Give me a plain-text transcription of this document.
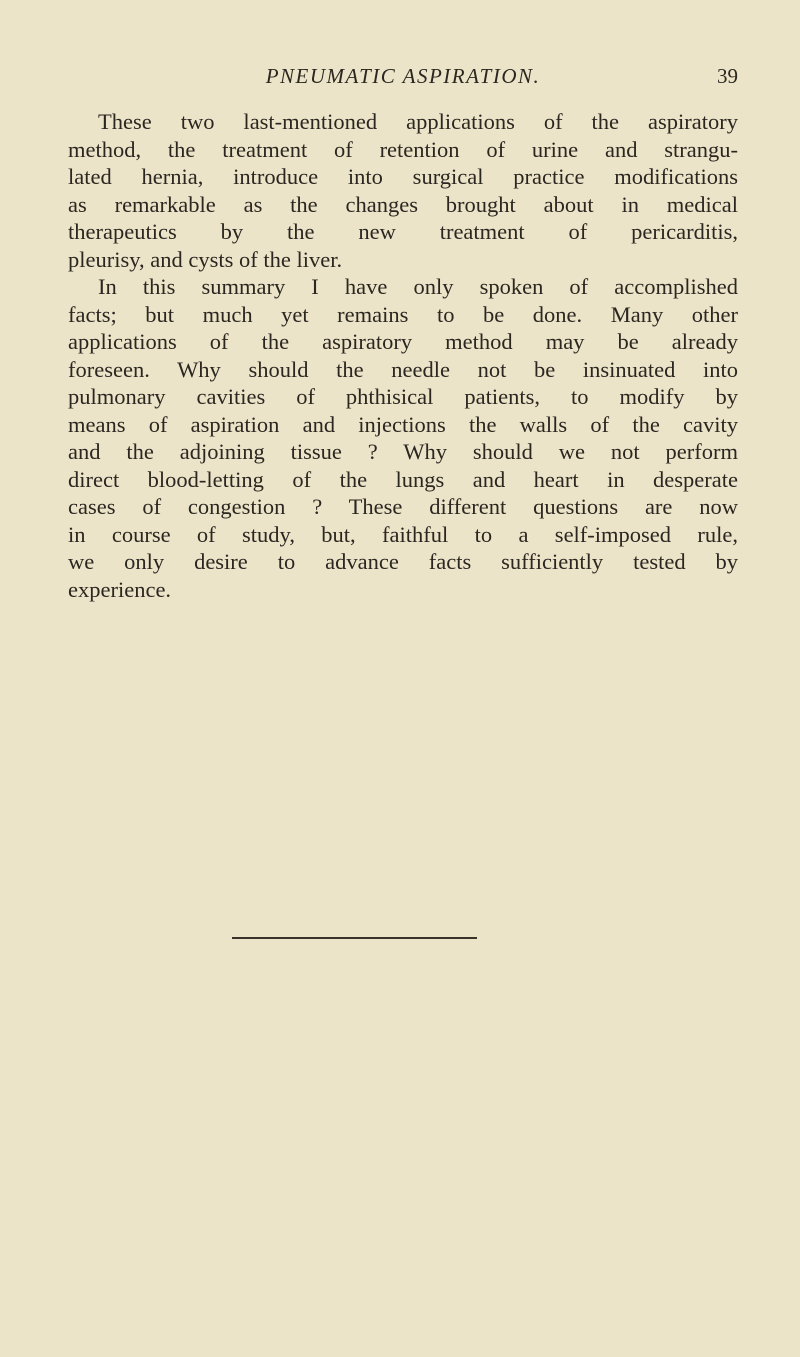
PNEUMATIC ASPIRATION.	39
These two last-mentioned applications of the aspiratory
method, the treatment of retention of urine and strangu-
lated hernia, introduce into surgical practice modifications
as remarkable as the changes brought about in medical
therapeutics by the new treatment of pericarditis,
pleurisy, and cysts of the liver.
In this summary I have only spoken of accomplished
facts; but much yet remains to be done. Many other
applications of the aspiratory method may be already
foreseen. Why should the needle not be insinuated into
pulmonary cavities of phthisical patients, to modify by
means of aspiration and injections the walls of the cavity
and the adjoining tissue ? Why should we not perform
direct blood-letting of the lungs and heart in desperate
cases of congestion ? These different questions are now
in course of study, but, faithful to a self-imposed rule,
we only desire to advance facts sufficiently tested by
experience.
